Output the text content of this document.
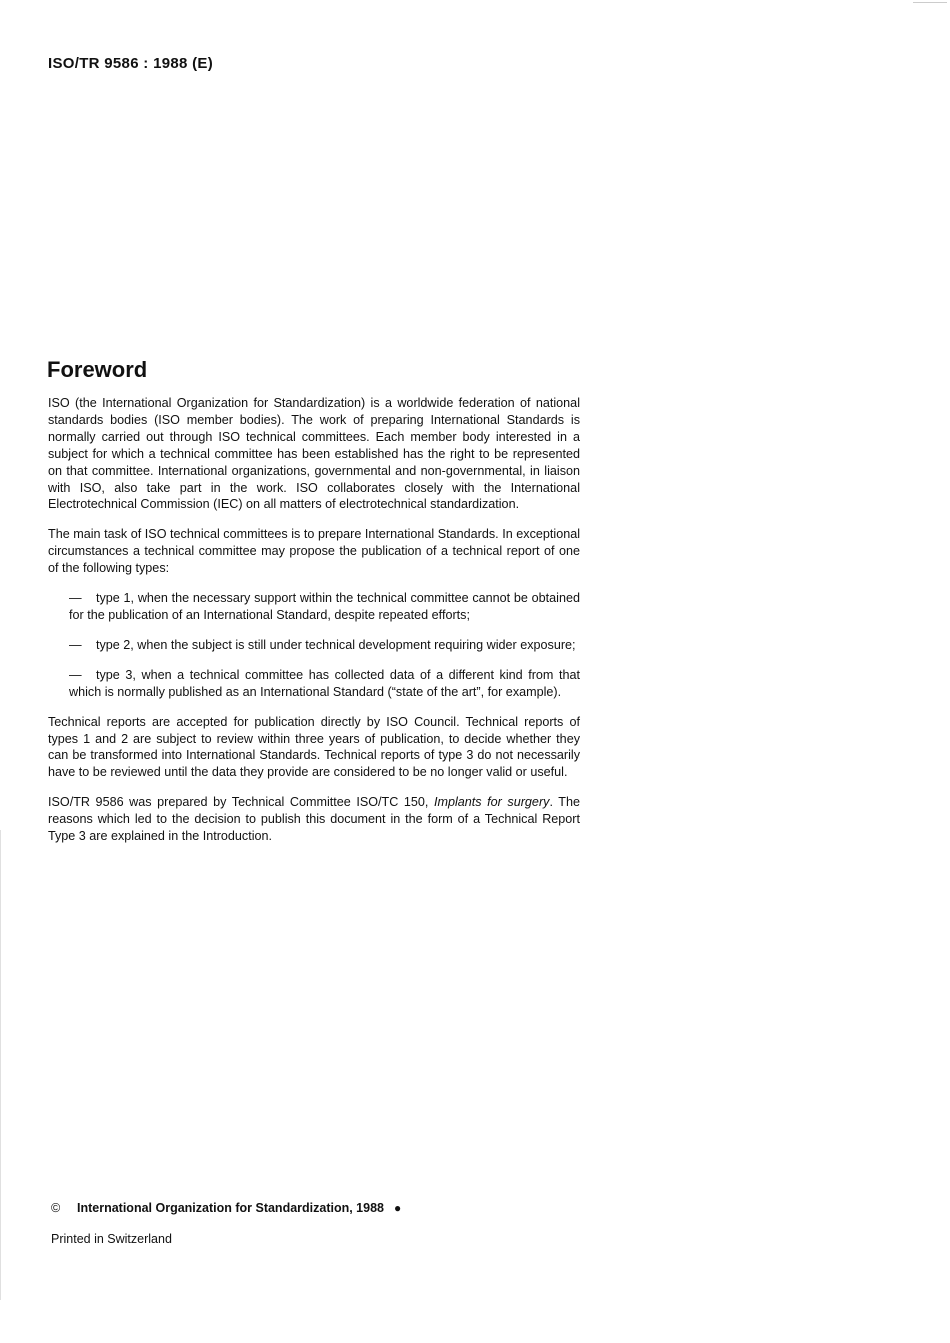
ISO/TR 9586 : 1988 (E)
Foreword

ISO (the International Organization for Standardization) is a worldwide federation of national standards bodies (ISO member bodies). The work of preparing International Standards is normally carried out through ISO technical committees. Each member body interested in a subject for which a technical committee has been established has the right to be represented on that committee. International organizations, governmental and non-governmental, in liaison with ISO, also take part in the work. ISO collaborates closely with the International Electrotechnical Commission (IEC) on all matters of electrotechnical standardization.

The main task of ISO technical committees is to prepare International Standards. In exceptional circumstances a technical committee may propose the publication of a technical report of one of the following types:

— type 1, when the necessary support within the technical committee cannot be obtained for the publication of an International Standard, despite repeated efforts;

— type 2, when the subject is still under technical development requiring wider exposure;

— type 3, when a technical committee has collected data of a different kind from that which is normally published as an International Standard (“state of the art”, for example).

Technical reports are accepted for publication directly by ISO Council. Technical reports of types 1 and 2 are subject to review within three years of publication, to decide whether they can be transformed into International Standards. Technical reports of type 3 do not necessarily have to be reviewed until the data they provide are considered to be no longer valid or useful.

ISO/TR 9586 was prepared by Technical Committee ISO/TC 150, Implants for surgery. The reasons which led to the decision to publish this document in the form of a Technical Report Type 3 are explained in the Introduction.

© International Organization for Standardization, 1988 ●
Printed in Switzerland
